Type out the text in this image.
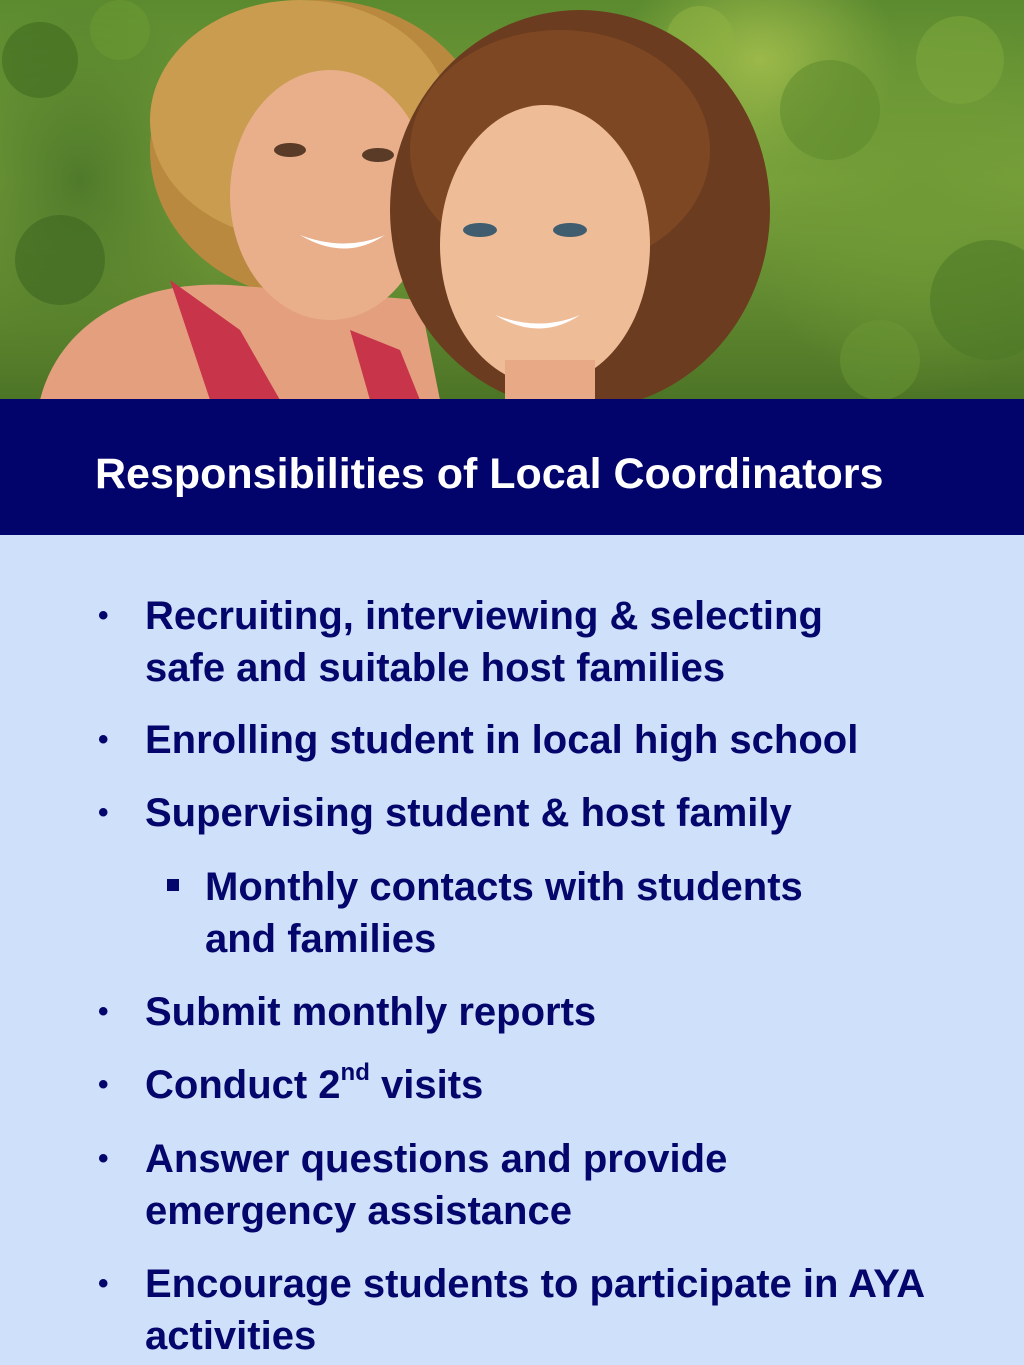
Responsibilities of Local Coordinators
• Recruiting, interviewing & selecting safe and suitable host families
• Enrolling student in local high school
• Supervising student & host family
Monthly contacts with students and families
• Submit monthly reports
• Conduct 2nd visits
• Answer questions and provide emergency assistance
• Encourage students to participate in AYA activities
